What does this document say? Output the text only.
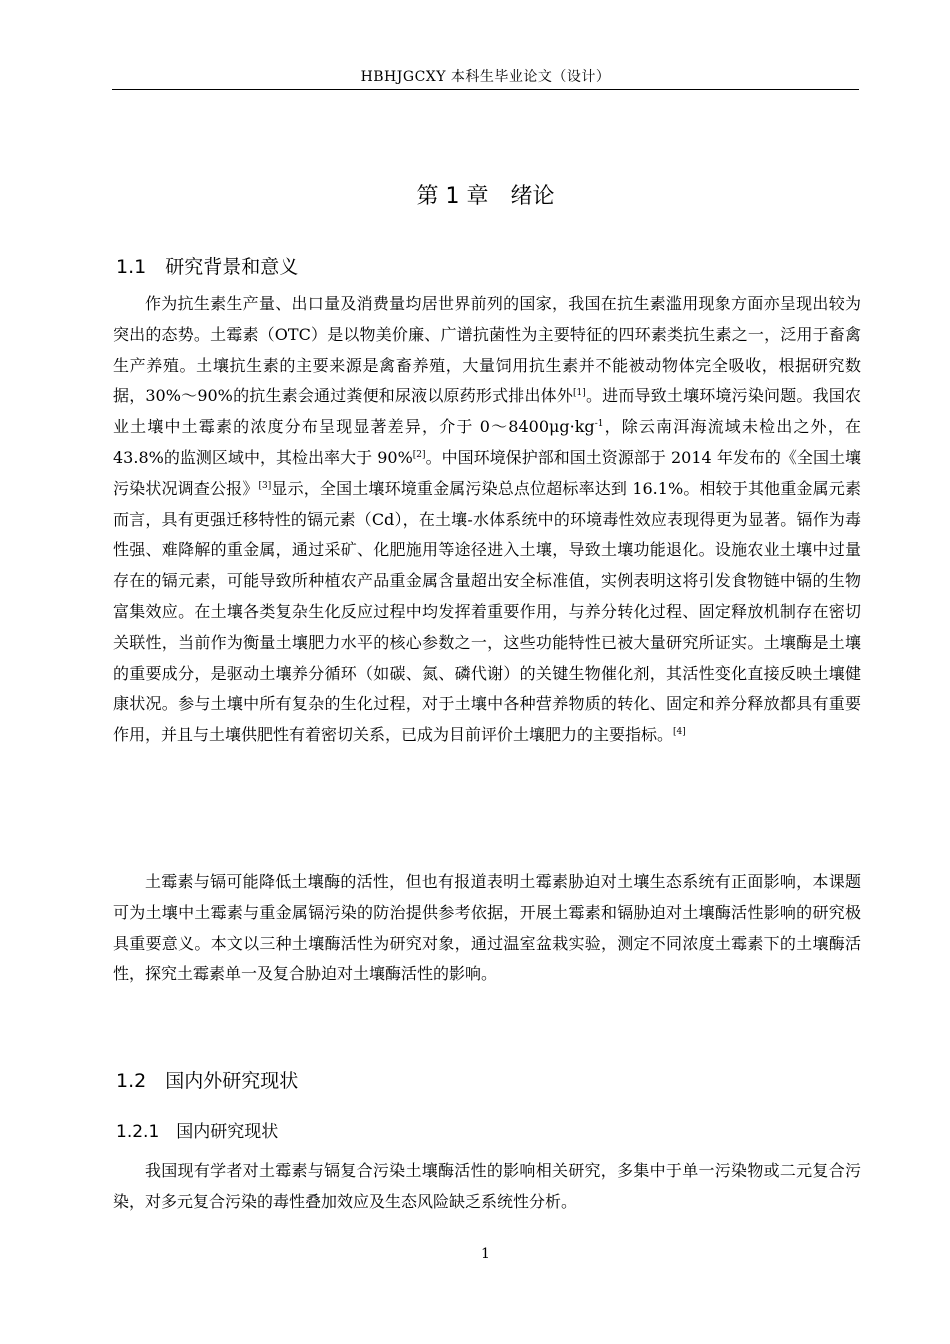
HBHJGCXY 本科生毕业论文（设计）
第 1 章　绪论
1.1　研究背景和意义

作为抗生素生产量、出口量及消费量均居世界前列的国家，我国在抗生素滥用现象方面亦呈现出较为突出的态势。土霉素（OTC）是以物美价廉、广谱抗菌性为主要特征的四环素类抗生素之一，泛用于畜禽生产养殖。土壤抗生素的主要来源是禽畜养殖，大量饲用抗生素并不能被动物体完全吸收，根据研究数据，30%～90%的抗生素会通过粪便和尿液以原药形式排出体外[1]。进而导致土壤环境污染问题。我国农业土壤中土霉素的浓度分布呈现显著差异，介于 $0\sim 8400\mu g\cdot kg^{-1}$，除云南洱海流域未检出之外，在 43.8%的监测区域中，其检出率大于 90%[2]。中国环境保护部和国土资源部于 2014 年发布的《全国土壤污染状况调查公报》[3]显示，全国土壤环境重金属污染总点位超标率达到 16.1%。相较于其他重金属元素而言，具有更强迁移特性的镉元素（Cd），在土壤-水体系统中的环境毒性效应表现得更为显著。镉作为毒性强、难降解的重金属，通过采矿、化肥施用等途径进入土壤，导致土壤功能退化。设施农业土壤中过量存在的镉元素，可能导致所种植农产品重金属含量超出安全标准值，实例表明这将引发食物链中镉的生物富集效应。在土壤各类复杂生化反应过程中均发挥着重要作用，与养分转化过程、固定释放机制存在密切关联性，当前作为衡量土壤肥力水平的核心参数之一，这些功能特性已被大量研究所证实。土壤酶是土壤的重要成分，是驱动土壤养分循环（如碳、氮、磷代谢）的关键生物催化剂，其活性变化直接反映土壤健康状况。参与土壤中所有复杂的生化过程，对于土壤中各种营养物质的转化、固定和养分释放都具有重要作用，并且与土壤供肥性有着密切关系，已成为目前评价土壤肥力的主要指标。[4]

土霉素与镉可能降低土壤酶的活性，但也有报道表明土霉素胁迫对土壤生态系统有正面影响，本课题可为土壤中土霉素与重金属镉污染的防治提供参考依据，开展土霉素和镉胁迫对土壤酶活性影响的研究极具重要意义。本文以三种土壤酶活性为研究对象，通过温室盆栽实验，测定不同浓度土霉素下的土壤酶活性，探究土霉素单一及复合胁迫对土壤酶活性的影响。

1.2　国内外研究现状
1.2.1　国内研究现状

我国现有学者对土霉素与镉复合污染土壤酶活性的影响相关研究，多集中于单一污染物或二元复合污染，对多元复合污染的毒性叠加效应及生态风险缺乏系统性分析。

1
